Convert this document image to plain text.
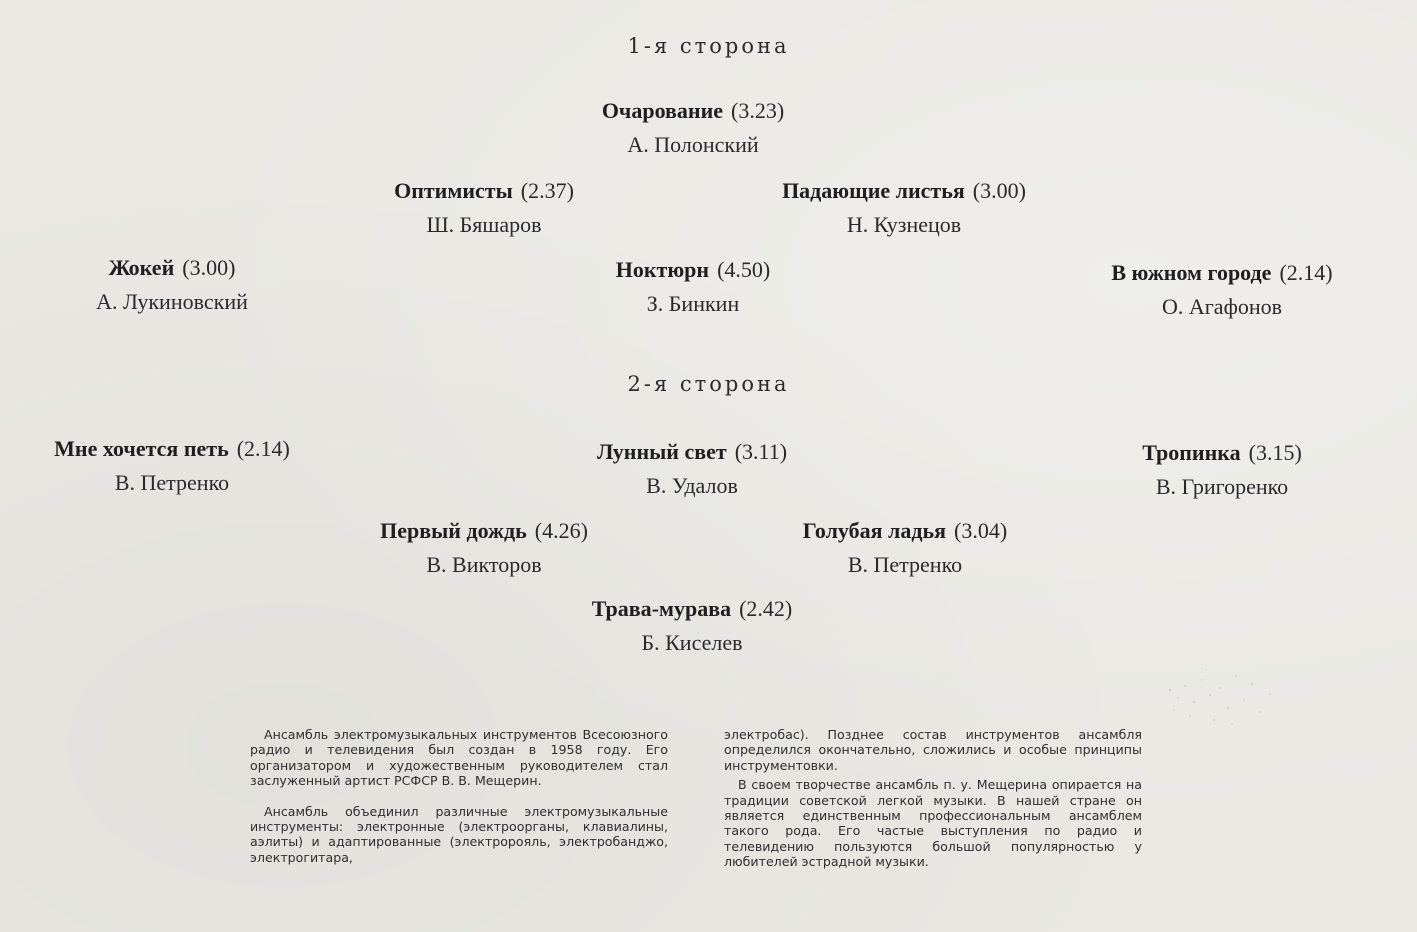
1-я сторона
Очарование (3.23)
А. Полонский
Оптимисты (2.37)
Ш. Бяшаров
Падающие листья (3.00)
Н. Кузнецов
Жокей (3.00)
А. Лукиновский
Ноктюрн (4.50)
З. Бинкин
В южном городе (2.14)
О. Агафонов
2-я сторона
Мне хочется петь (2.14)
В. Петренко
Лунный свет (3.11)
В. Удалов
Тропинка (3.15)
В. Григоренко
Первый дождь (4.26)
В. Викторов
Голубая ладья (3.04)
В. Петренко
Трава-мурава (2.42)
Б. Киселев

Ансамбль электромузыкальных инструментов Всесоюзного радио и телевидения был создан в 1958 году. Его организатором и художественным руководителем стал заслуженный артист РСФСР В. В. Мещерин.

Ансамбль объединил различные электромузыкальные инструменты: электронные (электроорганы, клавиалины, аэлиты) и адаптированные (электророяль, электробанджо, электрогитара,

электробас). Позднее состав инструментов ансамбля определился окончательно, сложились и особые принципы инструментовки.

В своем творчестве ансамбль п. у. Мещерина опирается на традиции советской легкой музыки. В нашей стране он является единственным профессиональным ансамблем такого рода. Его частые выступления по радио и телевидению пользуются большой популярностью у любителей эстрадной музыки.
